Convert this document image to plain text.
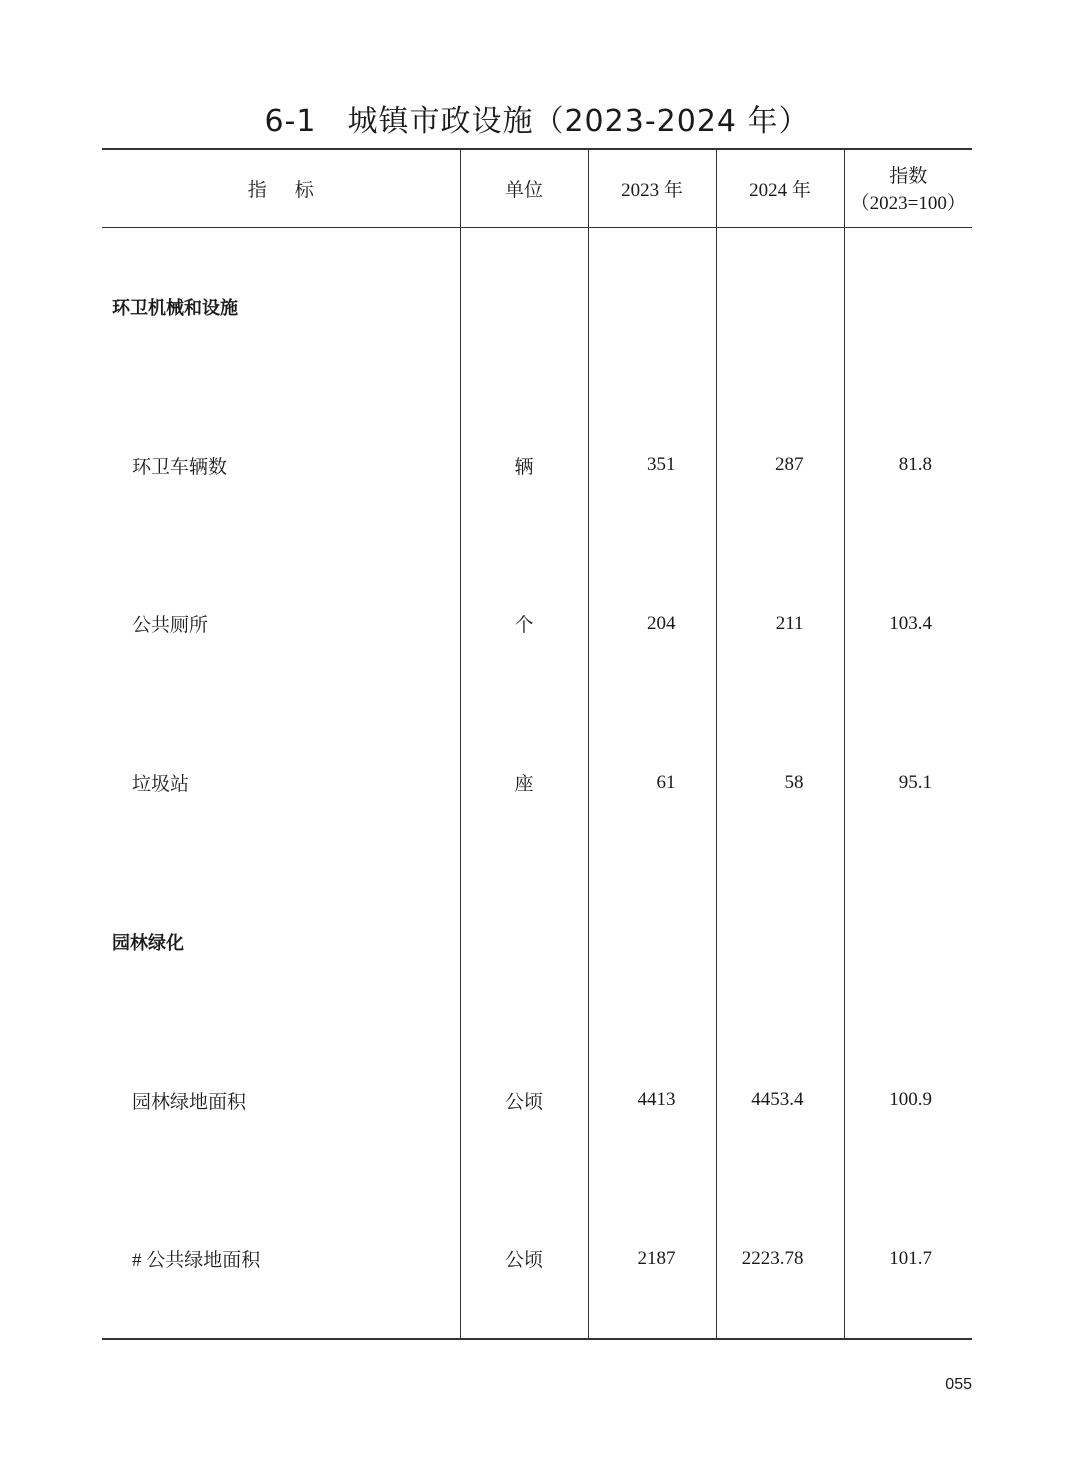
6-1　城镇市政设施（2023-2024 年）
指标	单位	2023 年	2024 年	指数
（2023=100）

环卫机械和设施				
环卫车辆数	辆	351	287	81.8
公共厕所	个	204	211	103.4
垃圾站	座	61	58	95.1
园林绿化				
园林绿地面积	公顷	4413	4453.4	100.9
# 公共绿地面积	公顷	2187	2223.78	101.7
055
